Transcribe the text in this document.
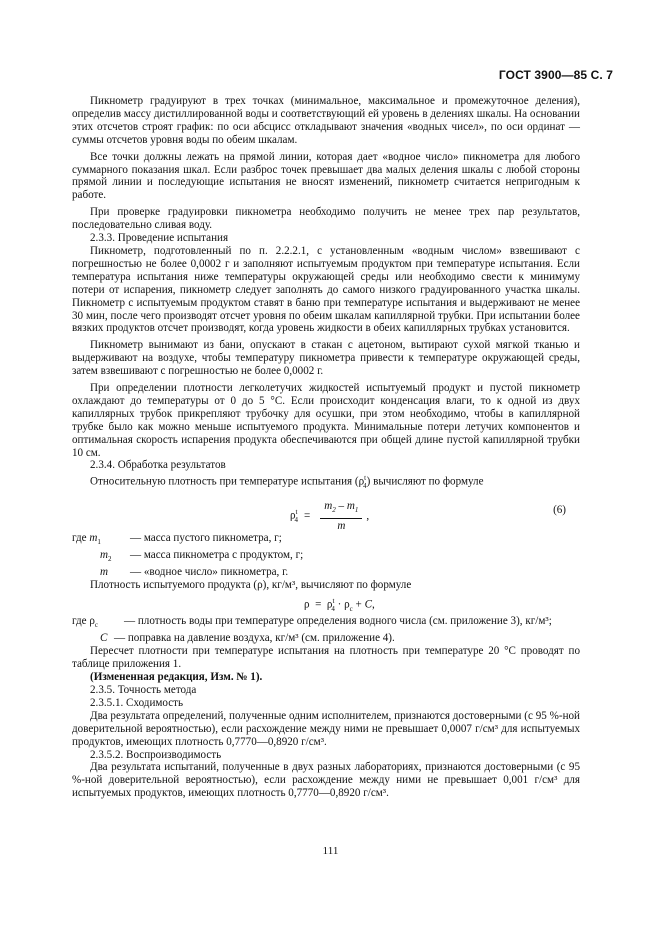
ГОСТ 3900—85 С. 7

Пикнометр градуируют в трех точках (минимальное, максимальное и промежуточное деления), определив массу дистиллированной воды и соответствующий ей уровень в делениях шкалы. На основании этих отсчетов строят график: по оси абсцисс откладывают значения «водных чисел», по оси ординат — суммы отсчетов уровня воды по обеим шкалам.

Все точки должны лежать на прямой линии, которая дает «водное число» пикнометра для любого суммарного показания шкал. Если разброс точек превышает два малых деления шкалы с любой стороны прямой линии и последующие испытания не вносят изменений, пикнометр считается непригодным к работе.

При проверке градуировки пикнометра необходимо получить не менее трех пар результатов, последовательно сливая воду.

2.3.3. Проведение испытания

Пикнометр, подготовленный по п. 2.2.2.1, с установленным «водным числом» взвешивают с погрешностью не более 0,0002 г и заполняют испытуемым продуктом при температуре испытания. Если температура испытания ниже температуры окружающей среды или необходимо свести к минимуму потери от испарения, пикнометр следует заполнять до самого низкого градуированного участка шкалы. Пикнометр с испытуемым продуктом ставят в баню при температуре испытания и выдерживают не менее 30 мин, после чего производят отсчет уровня по обеим шкалам капиллярной трубки. При испытании более вязких продуктов отсчет производят, когда уровень жидкости в обеих капиллярных трубках установится.

Пикнометр вынимают из бани, опускают в стакан с ацетоном, вытирают сухой мягкой тканью и выдерживают на воздухе, чтобы температуру пикнометра привести к температуре окружающей среды, затем взвешивают с погрешностью не более 0,0002 г.

При определении плотности легколетучих жидкостей испытуемый продукт и пустой пикнометр охлаждают до температуры от 0 до 5 °С. Если происходит конденсация влаги, то к одной из двух капиллярных трубок прикрепляют трубочку для осушки, при этом необходимо, чтобы в капиллярной трубке было как можно меньше испытуемого продукта. Минимальные потери летучих компонентов и оптимальная скорость испарения продукта обеспечиваются при общей длине пустой капиллярной трубки 10 см.

2.3.4. Обработка результатов

Относительную плотность при температуре испытания $(\rho^t_4)$ вычисляют по формуле

$\rho^t_4 = \frac{m_2 - m_1}{m}$ ,
(6)
где $m_1$	— масса пустого пикнометра, г;
$m_2$	— масса пикнометра с продуктом, г;
m	— «водное число» пикнометра, г.

Плотность испытуемого продукта (ρ), кг/м³, вычисляют по формуле

$\rho = \rho^t_4 \cdot \rho_с + С$,
где $\rho_с$	— плотность воды при температуре определения водного числа (см. приложение 3), кг/м³;
С — поправка на давление воздуха, кг/м³ (см. приложение 4).

Пересчет плотности при температуре испытания на плотность при температуре 20 °С проводят по таблице приложения 1.

(Измененная редакция, Изм. № 1).

2.3.5. Точность метода

2.3.5.1. Сходимость

Два результата определений, полученные одним исполнителем, признаются достоверными (с 95 %-ной доверительной вероятностью), если расхождение между ними не превышает 0,0007 г/см³ для испытуемых продуктов, имеющих плотность 0,7770—0,8920 г/см³.

2.3.5.2. Воспроизводимость

Два результата испытаний, полученные в двух разных лабораториях, признаются достоверными (с 95 %-ной доверительной вероятностью), если расхождение между ними не превышает 0,001 г/см³ для испытуемых продуктов, имеющих плотность 0,7770—0,8920 г/см³.

111
